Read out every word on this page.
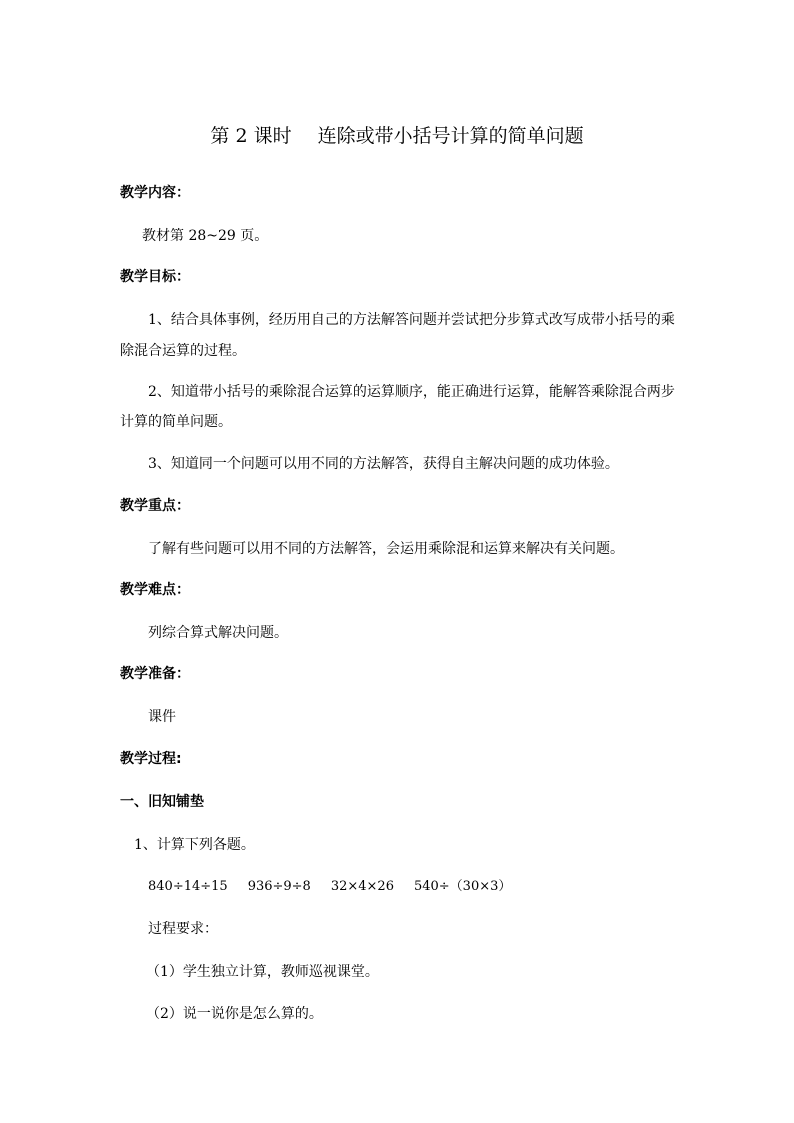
第 2 课时 连除或带小括号计算的简单问题
教学内容：
教材第 28~29 页。
教学目标：
1、结合具体事例，经历用自己的方法解答问题并尝试把分步算式改写成带小括号的乘
除混合运算的过程。
2、知道带小括号的乘除混合运算的运算顺序，能正确进行运算，能解答乘除混合两步
计算的简单问题。
3、知道同一个问题可以用不同的方法解答，获得自主解决问题的成功体验。
教学重点：
了解有些问题可以用不同的方法解答，会运用乘除混和运算来解决有关问题。
教学难点：
列综合算式解决问题。
教学准备：
课件
教学过程:
一、旧知铺垫
1、计算下列各题。
840÷14÷15 936÷9÷8 32×4×26 540÷（30×3）
过程要求：
（1）学生独立计算，教师巡视课堂。
（2）说一说你是怎么算的。
